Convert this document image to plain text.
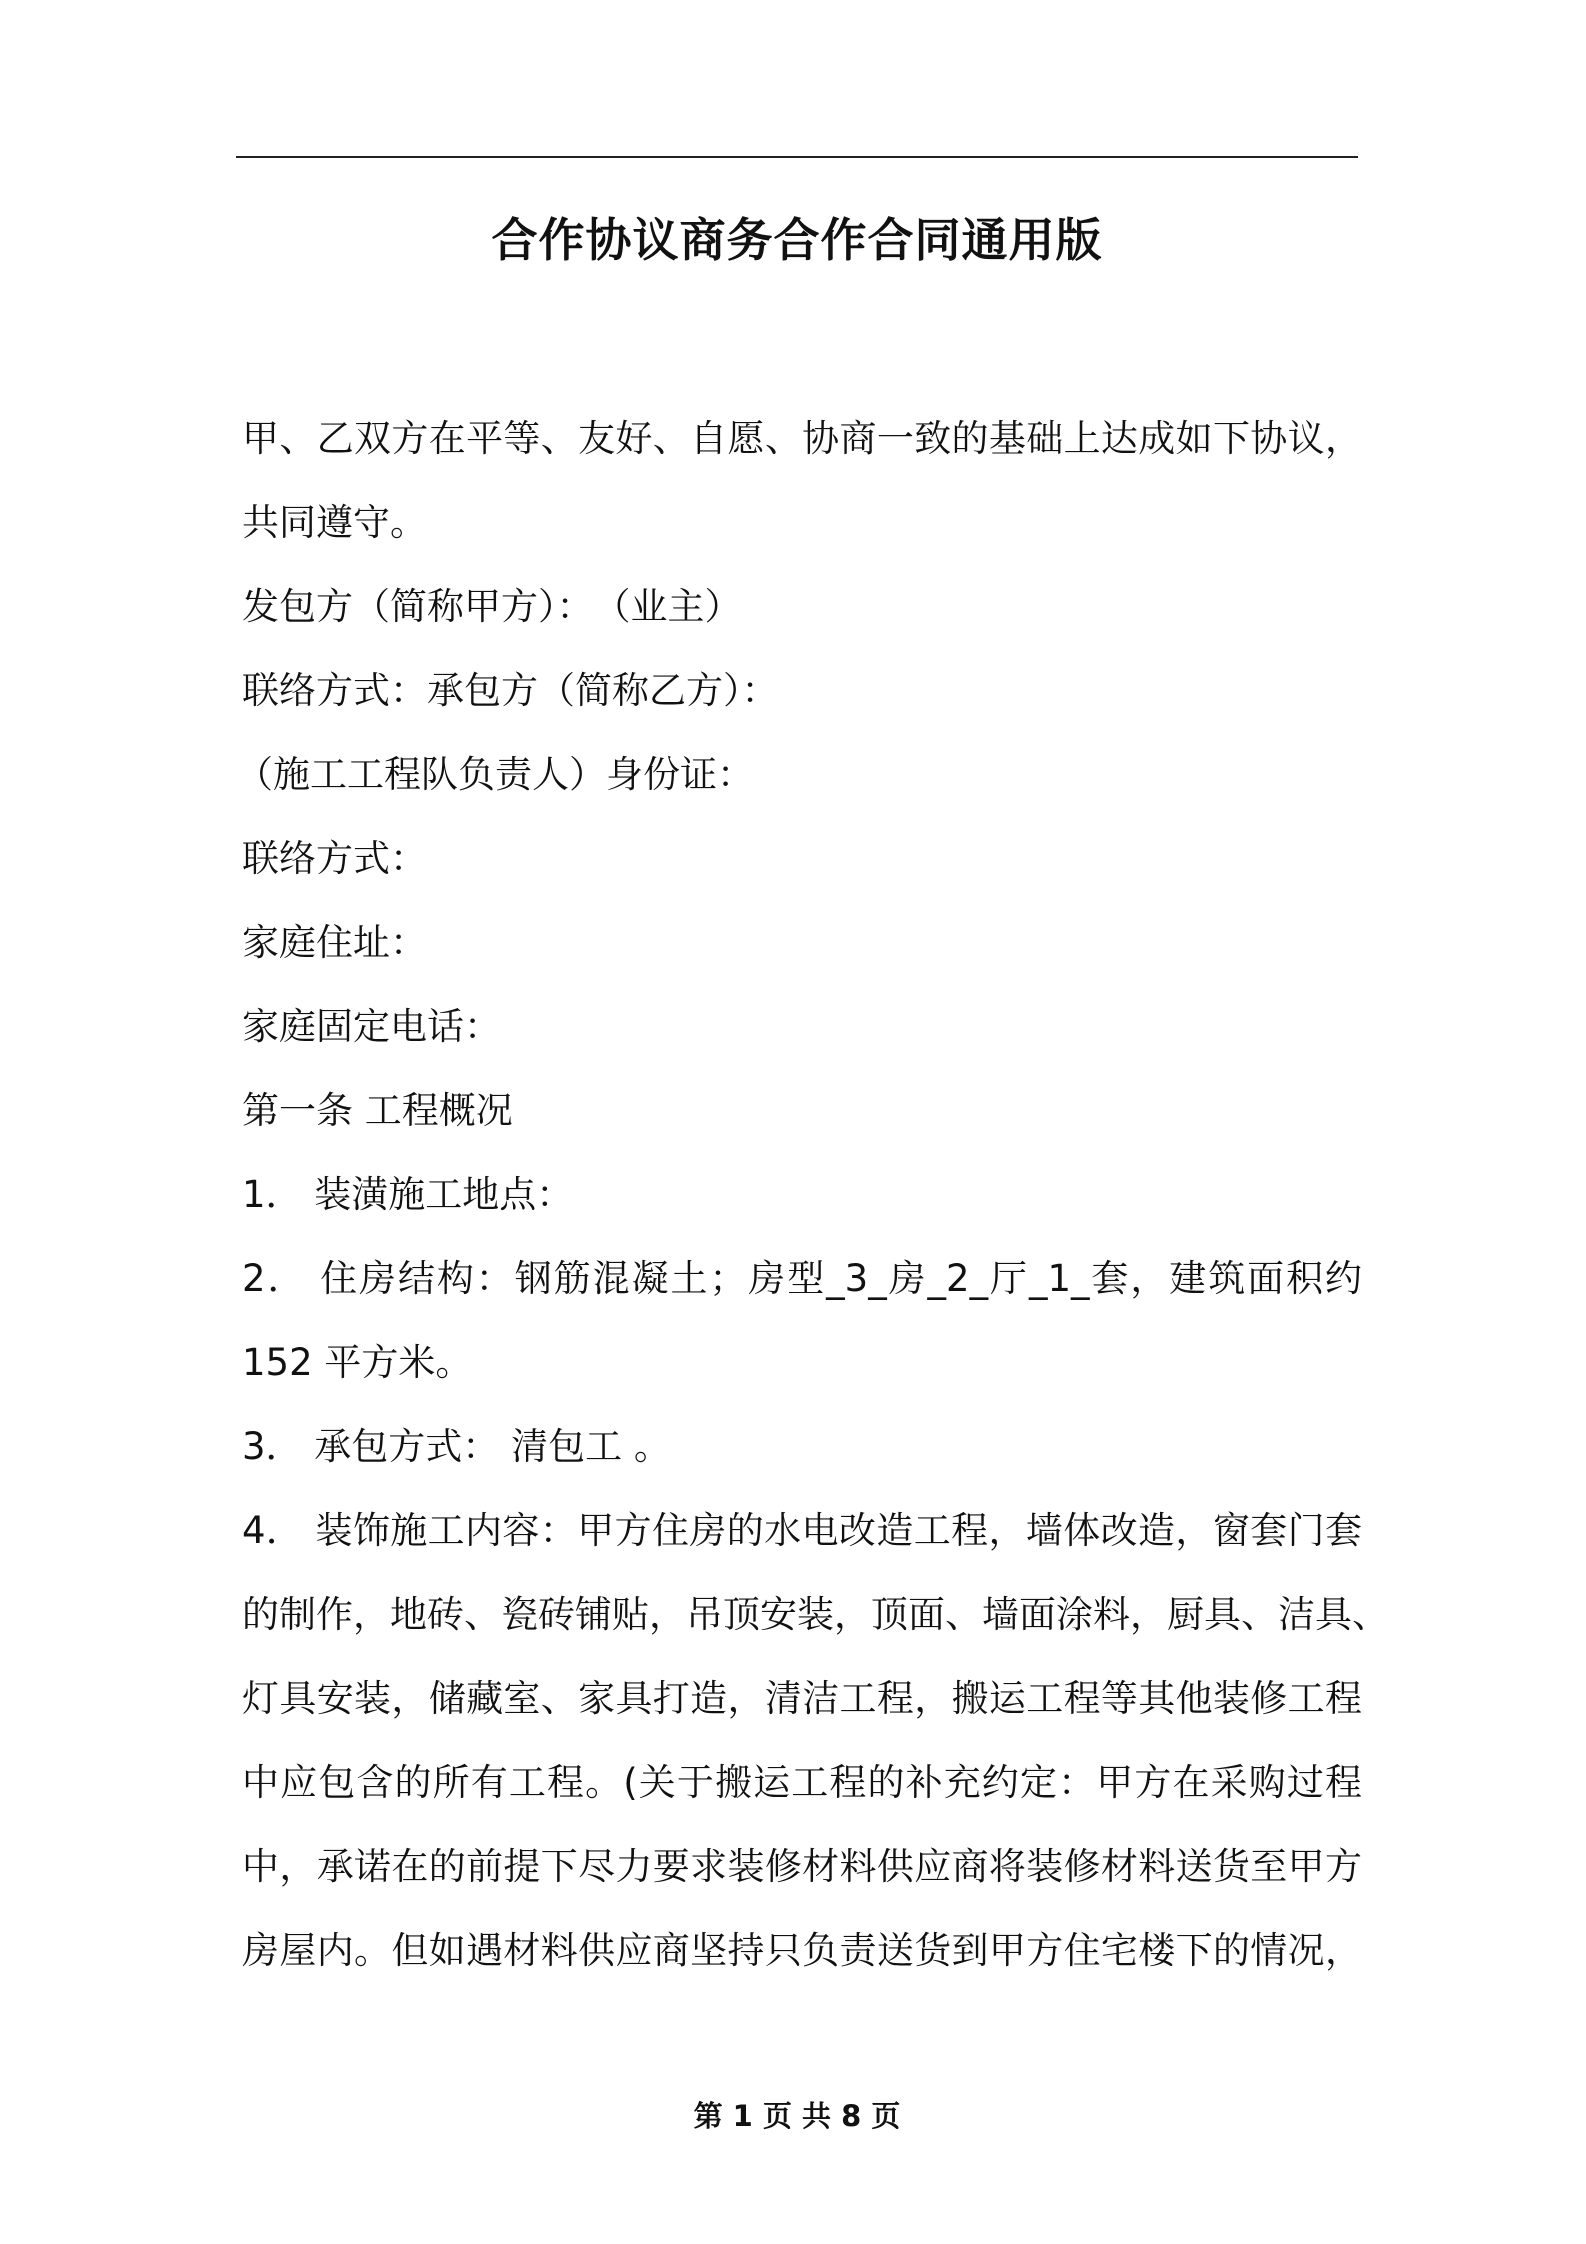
合作协议商务合作合同通用版
甲、乙双方在平等、友好、自愿、协商一致的基础上达成如下协议，
共同遵守。
发包方（简称甲方）：　（业主）
联络方式：承包方（简称乙方）：
（施工工程队负责人）身份证：
联络方式：
家庭住址：
家庭固定电话：
第一条 工程概况
1． 装潢施工地点：
2． 住房结构：钢筋混凝土；房型_3_房_2_厅_1_套，建筑面积约
152 平方米。
3． 承包方式： 清包工 。
4． 装饰施工内容：甲方住房的水电改造工程，墙体改造，窗套门套
的制作，地砖、瓷砖铺贴，吊顶安装，顶面、墙面涂料，厨具、洁具、
灯具安装，储藏室、家具打造，清洁工程，搬运工程等其他装修工程
中应包含的所有工程。(关于搬运工程的补充约定：甲方在采购过程
中，承诺在的前提下尽力要求装修材料供应商将装修材料送货至甲方
房屋内。但如遇材料供应商坚持只负责送货到甲方住宅楼下的情况，
第 1 页 共 8 页
